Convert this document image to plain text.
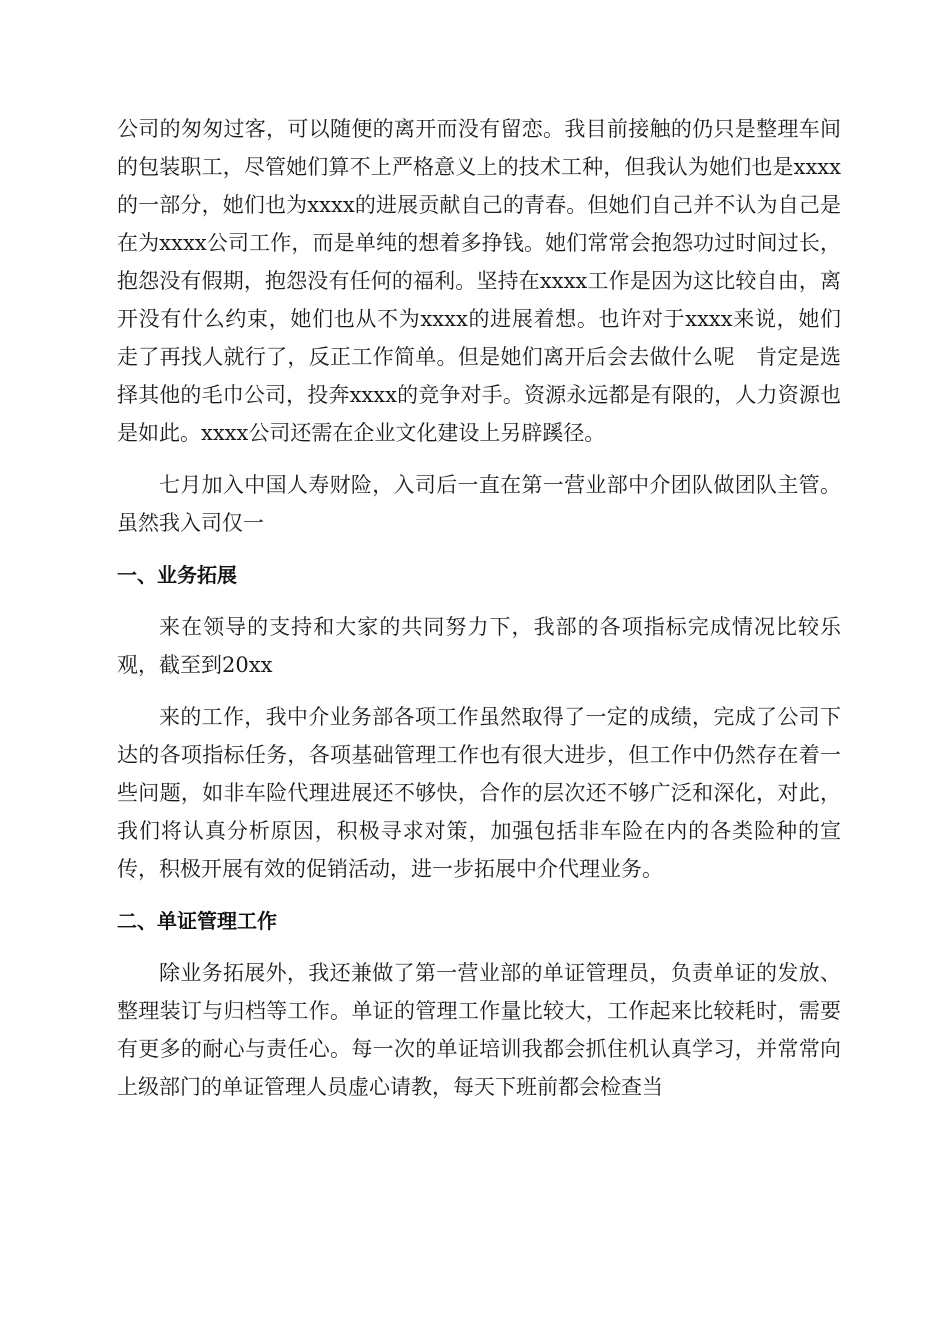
公司的匆匆过客，可以随便的离开而没有留恋。我目前接触的仍只是整理车间的包装职工，尽管她们算不上严格意义上的技术工种，但我认为她们也是xxxx的一部分，她们也为xxxx的进展贡献自己的青春。但她们自己并不认为自己是在为xxxx公司工作，而是单纯的想着多挣钱。她们常常会抱怨功过时间过长，抱怨没有假期，抱怨没有任何的福利。坚持在xxxx工作是因为这比较自由，离开没有什么约束，她们也从不为xxxx的进展着想。也许对于xxxx来说，她们走了再找人就行了，反正工作简单。但是她们离开后会去做什么呢　肯定是选择其他的毛巾公司，投奔xxxx的竞争对手。资源永远都是有限的，人力资源也是如此。xxxx公司还需在企业文化建设上另辟蹊径。

七月加入中国人寿财险，入司后一直在第一营业部中介团队做团队主管。虽然我入司仅一

一、业务拓展

来在领导的支持和大家的共同努力下，我部的各项指标完成情况比较乐观，截至到20xx

来的工作，我中介业务部各项工作虽然取得了一定的成绩，完成了公司下达的各项指标任务，各项基础管理工作也有很大进步，但工作中仍然存在着一些问题，如非车险代理进展还不够快，合作的层次还不够广泛和深化，对此，我们将认真分析原因，积极寻求对策，加强包括非车险在内的各类险种的宣传，积极开展有效的促销活动，进一步拓展中介代理业务。

二、单证管理工作

除业务拓展外，我还兼做了第一营业部的单证管理员，负责单证的发放、整理装订与归档等工作。单证的管理工作量比较大，工作起来比较耗时，需要有更多的耐心与责任心。每一次的单证培训我都会抓住机认真学习，并常常向上级部门的单证管理人员虚心请教，每天下班前都会检查当
